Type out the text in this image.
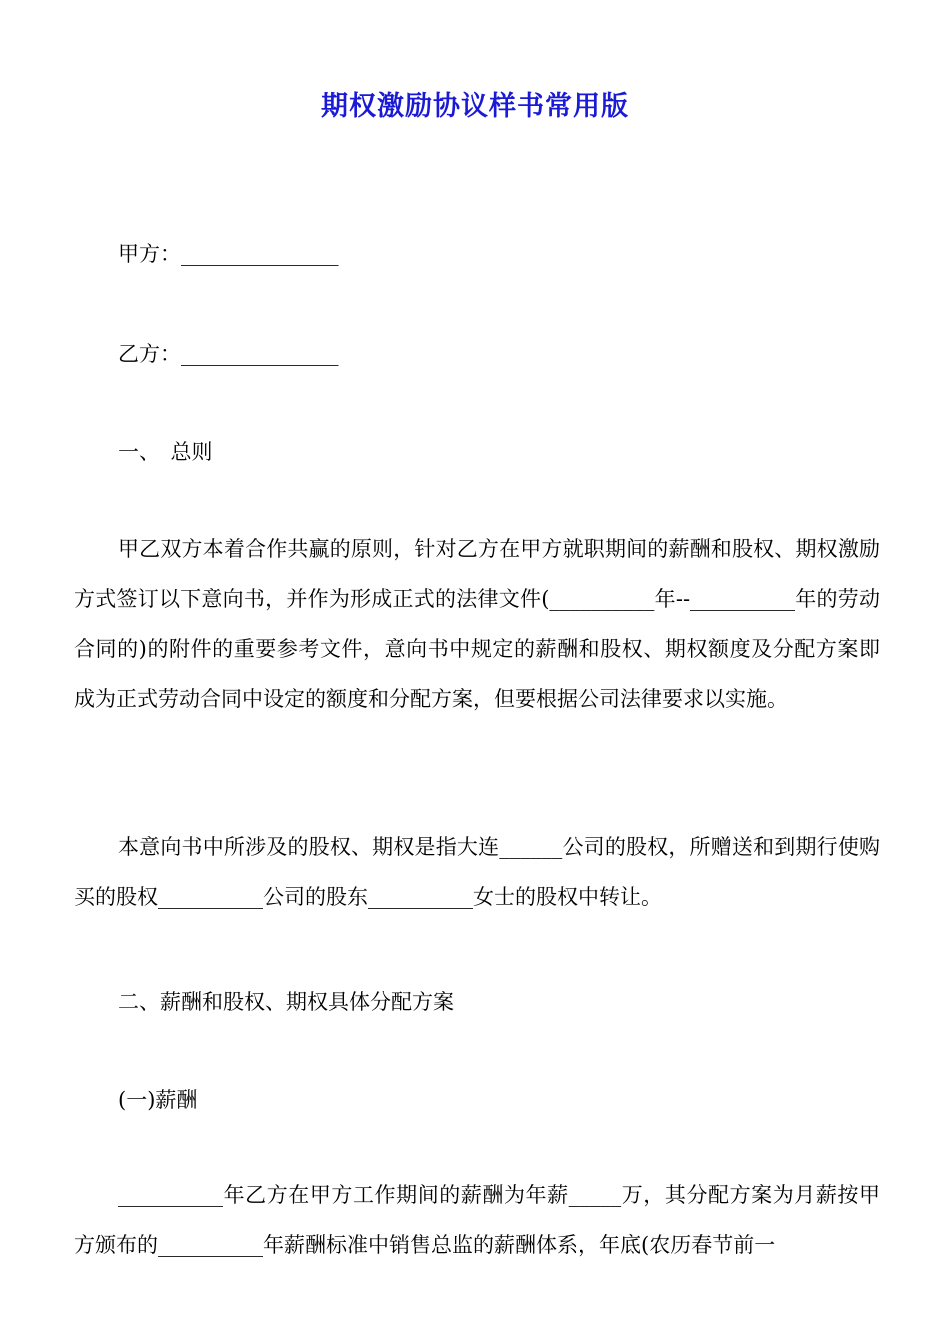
期权激励协议样书常用版
甲方：_______________
乙方：_______________
一、　总则
甲乙双方本着合作共赢的原则，针对乙方在甲方就职期间的薪酬和股权、期权激励方式签订以下意向书，并作为形成正式的法律文件(__________年--__________年的劳动合同的)的附件的重要参考文件，意向书中规定的薪酬和股权、期权额度及分配方案即成为正式劳动合同中设定的额度和分配方案，但要根据公司法律要求以实施。
本意向书中所涉及的股权、期权是指大连______公司的股权，所赠送和到期行使购买的股权__________公司的股东__________女士的股权中转让。
二、薪酬和股权、期权具体分配方案
(一)薪酬
__________年乙方在甲方工作期间的薪酬为年薪_____万，其分配方案为月薪按甲方颁布的__________年薪酬标准中销售总监的薪酬体系，年底(农历春节前一
